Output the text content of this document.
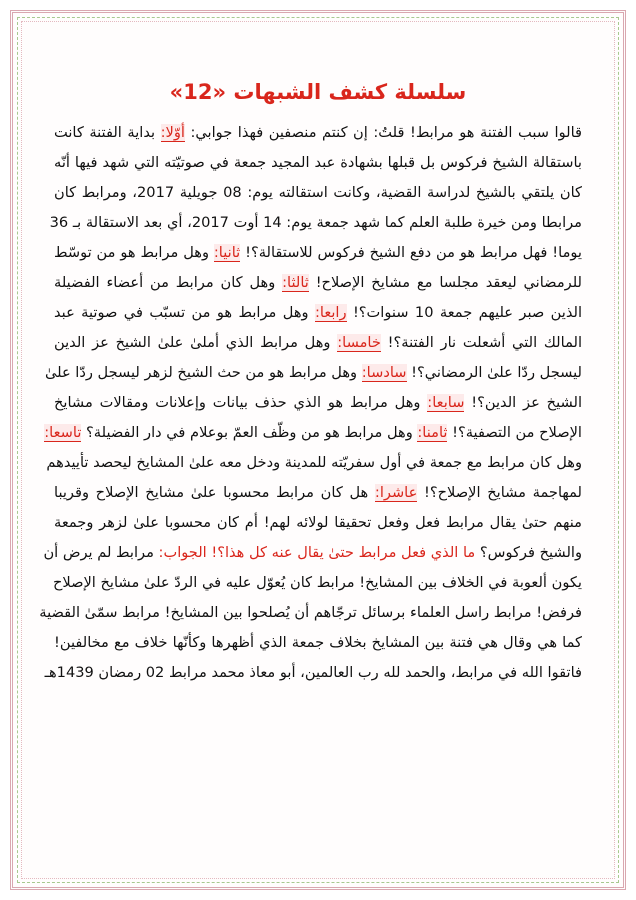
سلسلة كشف الشبهات «12»
قالوا سبب الفتنة هو مرابط! قلتُ: إن كنتم منصفين فهذا جوابي: أوّلا: بداية الفتنة كانت
باستقالة الشيخ فركوس بل قبلها بشهادة عبد المجيد جمعة في صوتيّته التي شهد فيها أنّه
كان يلتقي بالشيخ لدراسة القضية، وكانت استقالته يوم: 08 جويلية 2017، ومرابط كان
مرابطا ومن خيرة طلبة العلم كما شهد جمعة يوم: 14 أوت 2017، أي بعد الاستقالة بـ 36
يوما! فهل مرابط هو من دفع الشيخ فركوس للاستقالة؟! ثانيا: وهل مرابط هو من توسّط
للرمضاني ليعقد مجلسا مع مشايخ الإصلاح! ثالثا: وهل كان مرابط من أعضاء الفضيلة
الذين صبر عليهم جمعة 10 سنوات؟! رابعا: وهل مرابط هو من تسبّب في صوتية عبد
المالك التي أشعلت نار الفتنة؟! خامسا: وهل مرابط الذي أملىٰ علىٰ الشيخ عز الدين
ليسجل ردّا علىٰ الرمضاني؟! سادسا: وهل مرابط هو من حث الشيخ لزهر ليسجل ردّا علىٰ
الشيخ عز الدين؟! سابعا: وهل مرابط هو الذي حذف بيانات وإعلانات ومقالات مشايخ
الإصلاح من التصفية؟! ثامنا: وهل مرابط هو من وظّف العمّ بوعلام في دار الفضيلة؟ تاسعا:
وهل كان مرابط مع جمعة في أول سفريّته للمدينة ودخل معه علىٰ المشايخ ليحصد تأييدهم
لمهاجمة مشايخ الإصلاح؟! عاشرا: هل كان مرابط محسوبا علىٰ مشايخ الإصلاح وقريبا
منهم حتىٰ يقال مرابط فعل وفعل تحقيقا لولائه لهم! أم كان محسوبا علىٰ لزهر وجمعة
والشيخ فركوس؟ ما الذي فعل مرابط حتىٰ يقال عنه كل هذا؟! الجواب: مرابط لم يرض أن
يكون ألعوبة في الخلاف بين المشايخ! مرابط كان يُعوّل عليه في الردّ علىٰ مشايخ الإصلاح
فرفض! مرابط راسل العلماء برسائل ترجّاهم أن يُصلحوا بين المشايخ! مرابط سمّىٰ القضية
كما هي وقال هي فتنة بين المشايخ بخلاف جمعة الذي أظهرها وكأنّها خلاف مع مخالفين!
فاتقوا الله في مرابط، والحمد لله رب العالمين، أبو معاذ محمد مرابط 02 رمضان 1439هـ
